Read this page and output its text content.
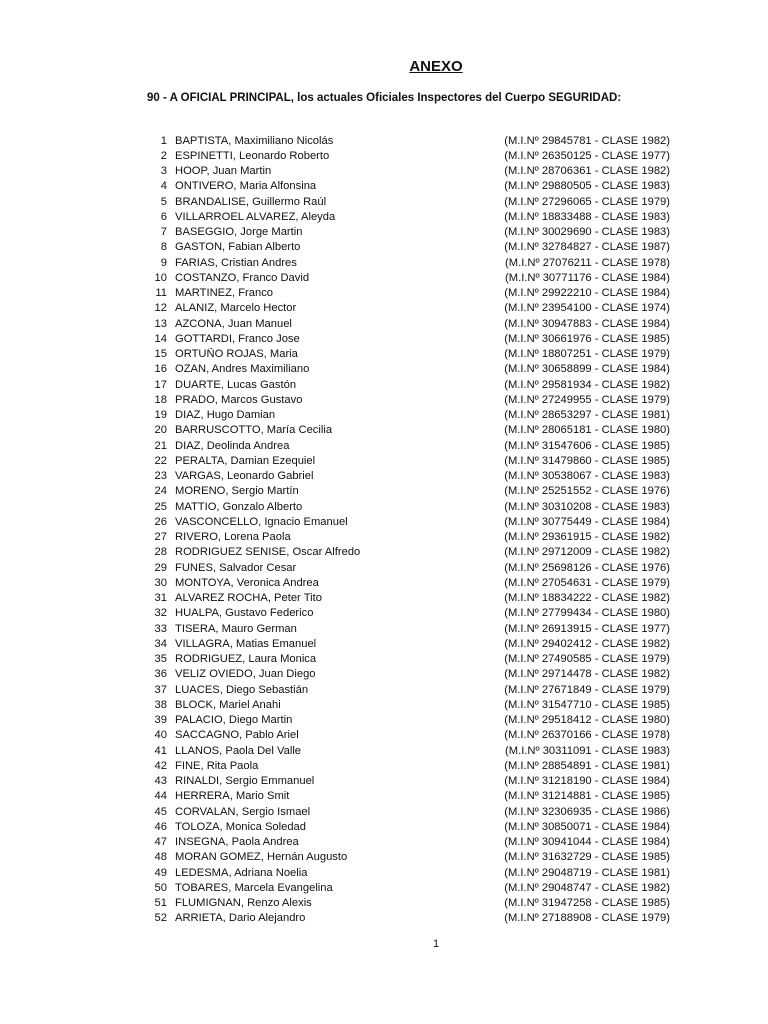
ANEXO
90 - A OFICIAL PRINCIPAL, los actuales Oficiales Inspectores del Cuerpo SEGURIDAD:
1 BAPTISTA, Maximiliano Nicolás	(M.I.Nº 29845781 - CLASE 1982)
2 ESPINETTI, Leonardo Roberto	(M.I.Nº 26350125 - CLASE 1977)
3 HOOP, Juan Martin	(M.I.Nº 28706361 - CLASE 1982)
4 ONTIVERO, Maria Alfonsina	(M.I.Nº 29880505 - CLASE 1983)
5 BRANDALISE, Guillermo Raúl	(M.I.Nº 27296065 - CLASE 1979)
6 VILLARROEL ALVAREZ, Aleyda	(M.I.Nº 18833488 - CLASE 1983)
7 BASEGGIO, Jorge Martin	(M.I.Nº 30029690 - CLASE 1983)
8 GASTON, Fabian Alberto	(M.I.Nº 32784827 - CLASE 1987)
9 FARIAS, Cristian Andres	(M.I.Nº 27076211 - CLASE 1978)
10 COSTANZO, Franco David	(M.I.Nº 30771176 - CLASE 1984)
11 MARTINEZ, Franco	(M.I.Nº 29922210 - CLASE 1984)
12 ALANIZ, Marcelo Hector	(M.I.Nº 23954100 - CLASE 1974)
13 AZCONA, Juan Manuel	(M.I.Nº 30947883 - CLASE 1984)
14 GOTTARDI, Franco Jose	(M.I.Nº 30661976 - CLASE 1985)
15 ORTUÑO ROJAS, Maria	(M.I.Nº 18807251 - CLASE 1979)
16 OZAN, Andres Maximiliano	(M.I.Nº 30658899 - CLASE 1984)
17 DUARTE, Lucas Gastón	(M.I.Nº 29581934 - CLASE 1982)
18 PRADO, Marcos Gustavo	(M.I.Nº 27249955 - CLASE 1979)
19 DIAZ, Hugo Damian	(M.I.Nº 28653297 - CLASE 1981)
20 BARRUSCOTTO, María Cecilia	(M.I.Nº 28065181 - CLASE 1980)
21 DIAZ, Deolinda Andrea	(M.I.Nº 31547606 - CLASE 1985)
22 PERALTA, Damian Ezequiel	(M.I.Nº 31479860 - CLASE 1985)
23 VARGAS, Leonardo Gabriel	(M.I.Nº 30538067 - CLASE 1983)
24 MORENO, Sergio Martín	(M.I.Nº 25251552 - CLASE 1976)
25 MATTIO, Gonzalo Alberto	(M.I.Nº 30310208 - CLASE 1983)
26 VASCONCELLO, Ignacio Emanuel	(M.I.Nº 30775449 - CLASE 1984)
27 RIVERO, Lorena Paola	(M.I.Nº 29361915 - CLASE 1982)
28 RODRIGUEZ SENISE, Oscar Alfredo	(M.I.Nº 29712009 - CLASE 1982)
29 FUNES, Salvador Cesar	(M.I.Nº 25698126 - CLASE 1976)
30 MONTOYA, Veronica Andrea	(M.I.Nº 27054631 - CLASE 1979)
31 ALVAREZ ROCHA, Peter Tito	(M.I.Nº 18834222 - CLASE 1982)
32 HUALPA, Gustavo Federico	(M.I.Nº 27799434 - CLASE 1980)
33 TISERA, Mauro German	(M.I.Nº 26913915 - CLASE 1977)
34 VILLAGRA, Matias Emanuel	(M.I.Nº 29402412 - CLASE 1982)
35 RODRIGUEZ, Laura Monica	(M.I.Nº 27490585 - CLASE 1979)
36 VELIZ OVIEDO, Juan Diego	(M.I.Nº 29714478 - CLASE 1982)
37 LUACES, Diego Sebastián	(M.I.Nº 27671849 - CLASE 1979)
38 BLOCK, Mariel Anahi	(M.I.Nº 31547710 - CLASE 1985)
39 PALACIO, Diego Martin	(M.I.Nº 29518412 - CLASE 1980)
40 SACCAGNO, Pablo Ariel	(M.I.Nº 26370166 - CLASE 1978)
41 LLANOS, Paola Del Valle	(M.I.Nº 30311091 - CLASE 1983)
42 FINE, Rita Paola	(M.I.Nº 28854891 - CLASE 1981)
43 RINALDI, Sergio Emmanuel	(M.I.Nº 31218190 - CLASE 1984)
44 HERRERA, Mario Smit	(M.I.Nº 31214881 - CLASE 1985)
45 CORVALAN, Sergio Ismael	(M.I.Nº 32306935 - CLASE 1986)
46 TOLOZA, Monica Soledad	(M.I.Nº 30850071 - CLASE 1984)
47 INSEGNA, Paola Andrea	(M.I.Nº 30941044 - CLASE 1984)
48 MORAN GOMEZ, Hernán Augusto	(M.I.Nº 31632729 - CLASE 1985)
49 LEDESMA, Adriana Noelia	(M.I.Nº 29048719 - CLASE 1981)
50 TOBARES, Marcela Evangelina	(M.I.Nº 29048747 - CLASE 1982)
51 FLUMIGNAN, Renzo Alexis	(M.I.Nº 31947258 - CLASE 1985)
52 ARRIETA, Dario Alejandro	(M.I.Nº 27188908 - CLASE 1979)
1
